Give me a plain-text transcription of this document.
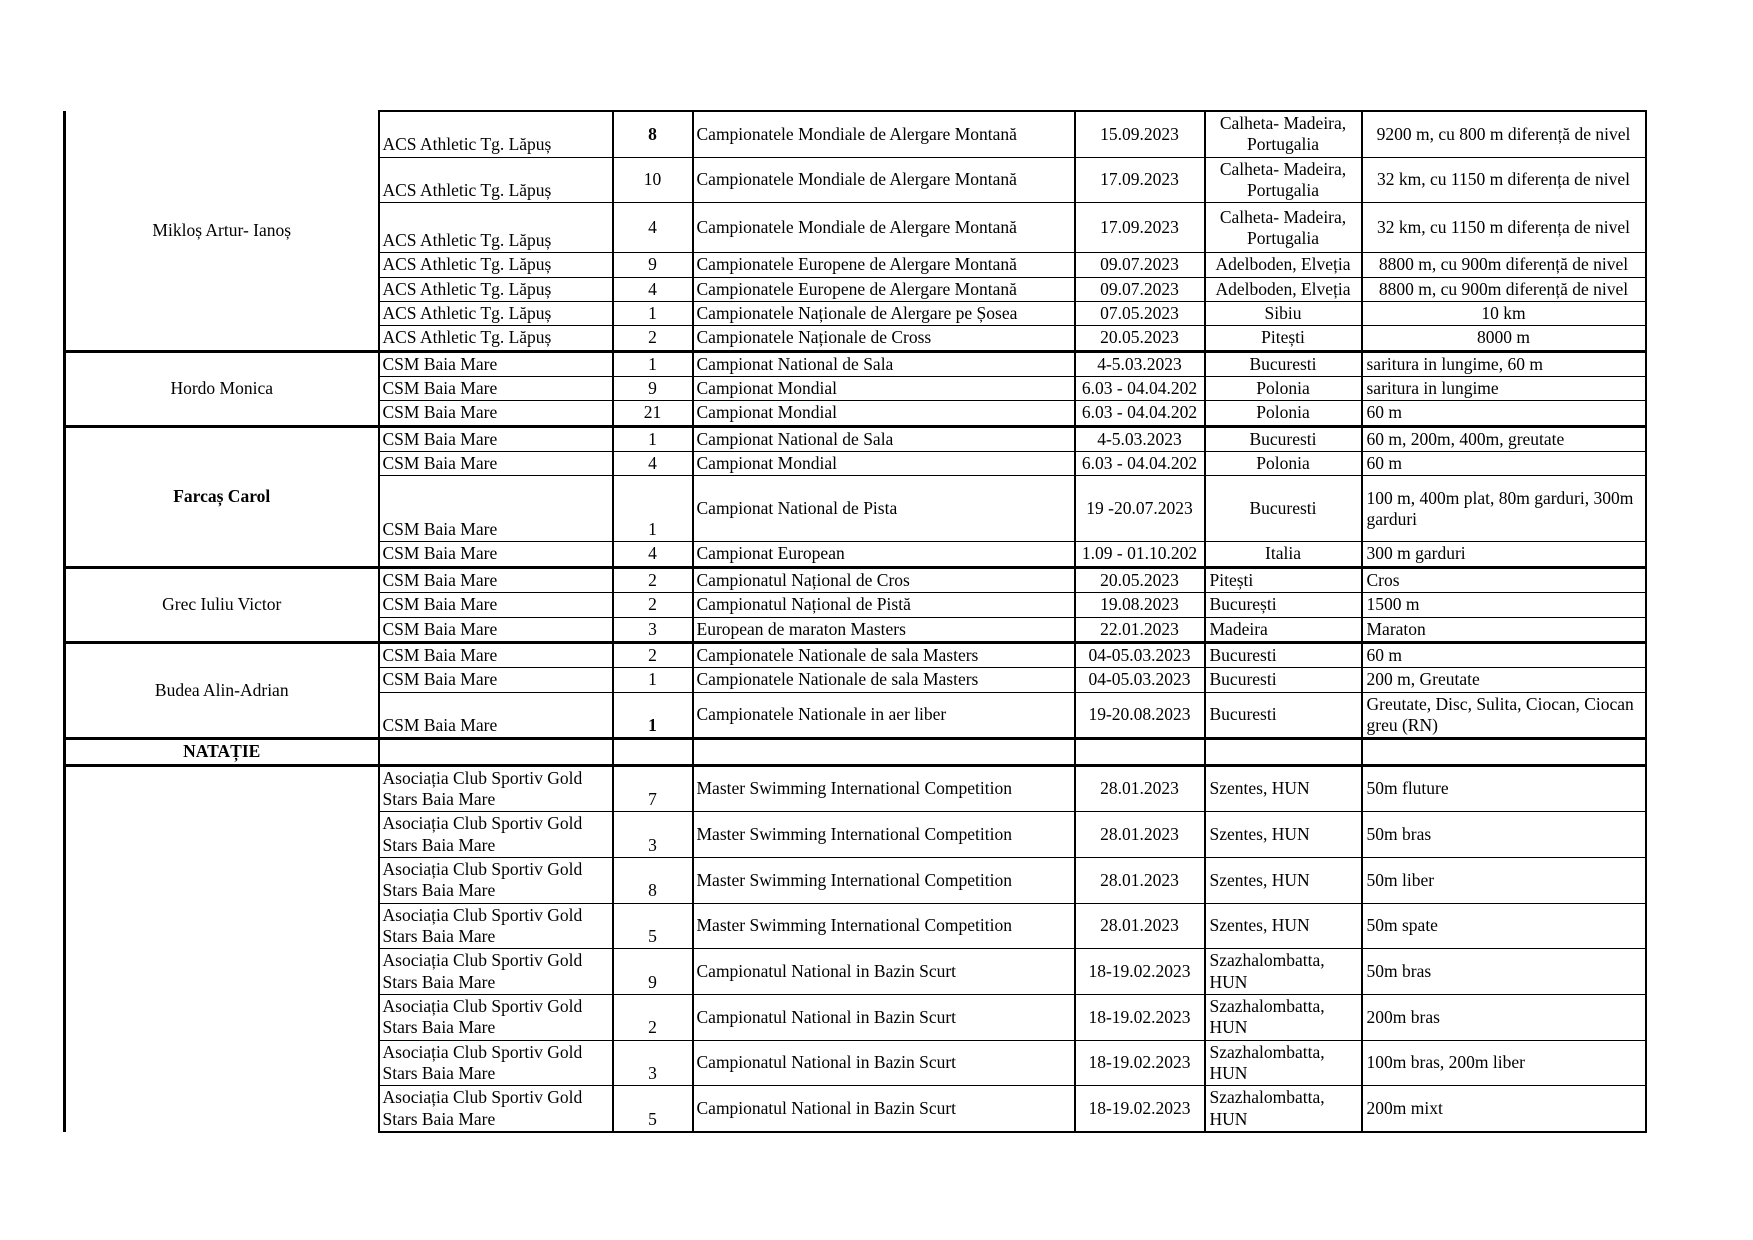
Mikloș Artur- Ianoș	ACS Athletic Tg. Lăpuș	8	Campionatele Mondiale de Alergare Montană	15.09.2023	Calheta- Madeira, Portugalia	9200 m, cu 800 m diferență de nivel
	ACS Athletic Tg. Lăpuș	10	Campionatele Mondiale de Alergare Montană	17.09.2023	Calheta- Madeira, Portugalia	32 km, cu 1150 m diferența de nivel
	ACS Athletic Tg. Lăpuș	4	Campionatele Mondiale de Alergare Montană	17.09.2023	Calheta- Madeira, Portugalia	32 km, cu 1150 m diferența de nivel
	ACS Athletic Tg. Lăpuș	9	Campionatele Europene de Alergare Montană	09.07.2023	Adelboden, Elveția	8800 m, cu 900m diferență de nivel
	ACS Athletic Tg. Lăpuș	4	Campionatele Europene de Alergare Montană	09.07.2023	Adelboden, Elveția	8800 m, cu 900m diferență de nivel
	ACS Athletic Tg. Lăpuș	1	Campionatele Naționale de Alergare pe Șosea	07.05.2023	Sibiu	10 km
	ACS Athletic Tg. Lăpuș	2	Campionatele Naționale de Cross	20.05.2023	Pitești	8000 m
Hordo Monica	CSM Baia Mare	1	Campionat National de Sala	4-5.03.2023	Bucuresti	saritura in lungime, 60 m
	CSM Baia Mare	9	Campionat Mondial	6.03 - 04.04.202	Polonia	saritura in lungime
	CSM Baia Mare	21	Campionat Mondial	6.03 - 04.04.202	Polonia	60 m
Farcaș Carol	CSM Baia Mare	1	Campionat National de Sala	4-5.03.2023	Bucuresti	60 m, 200m, 400m, greutate
	CSM Baia Mare	4	Campionat Mondial	6.03 - 04.04.202	Polonia	60 m
	CSM Baia Mare	1	Campionat National de Pista	19 -20.07.2023	Bucuresti	100 m, 400m plat, 80m garduri, 300m garduri
	CSM Baia Mare	4	Campionat European	1.09 - 01.10.202	Italia	300 m garduri
Grec Iuliu Victor	CSM Baia Mare	2	Campionatul Național de Cros	20.05.2023	Pitești	Cros
	CSM Baia Mare	2	Campionatul Național de Pistă	19.08.2023	București	1500 m
	CSM Baia Mare	3	European de maraton Masters	22.01.2023	Madeira	Maraton
Budea Alin-Adrian	CSM Baia Mare	2	Campionatele Nationale de sala Masters	04-05.03.2023	Bucuresti	60 m
	CSM Baia Mare	1	Campionatele Nationale de sala Masters	04-05.03.2023	Bucuresti	200 m, Greutate
	CSM Baia Mare	1	Campionatele Nationale in aer liber	19-20.08.2023	Bucuresti	Greutate, Disc, Sulita, Ciocan, Ciocan greu (RN)
NATAȚIE						
	Asociația Club Sportiv Gold Stars Baia Mare	7	Master Swimming International Competition	28.01.2023	Szentes, HUN	50m fluture
	Asociația Club Sportiv Gold Stars Baia Mare	3	Master Swimming International Competition	28.01.2023	Szentes, HUN	50m bras
	Asociația Club Sportiv Gold Stars Baia Mare	8	Master Swimming International Competition	28.01.2023	Szentes, HUN	50m liber
	Asociația Club Sportiv Gold Stars Baia Mare	5	Master Swimming International Competition	28.01.2023	Szentes, HUN	50m spate
	Asociația Club Sportiv Gold Stars Baia Mare	9	Campionatul National in Bazin Scurt	18-19.02.2023	Szazhalombatta, HUN	50m bras
	Asociația Club Sportiv Gold Stars Baia Mare	2	Campionatul National in Bazin Scurt	18-19.02.2023	Szazhalombatta, HUN	200m bras
	Asociația Club Sportiv Gold Stars Baia Mare	3	Campionatul National in Bazin Scurt	18-19.02.2023	Szazhalombatta, HUN	100m bras, 200m liber
	Asociația Club Sportiv Gold Stars Baia Mare	5	Campionatul National in Bazin Scurt	18-19.02.2023	Szazhalombatta, HUN	200m mixt
